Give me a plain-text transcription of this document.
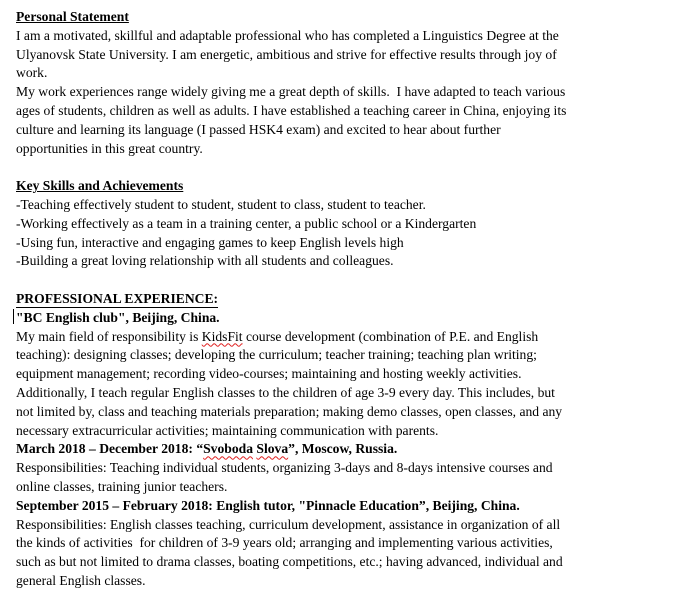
Personal Statement
I am a motivated, skillful and adaptable professional who has completed a Linguistics Degree at the
Ulyanovsk State University. I am energetic, ambitious and strive for effective results through joy of
work.
My work experiences range widely giving me a great depth of skills.  I have adapted to teach various
ages of students, children as well as adults. I have established a teaching career in China, enjoying its
culture and learning its language (I passed HSK4 exam) and excited to hear about further
opportunities in this great country.
Key Skills and Achievements
-Teaching effectively student to student, student to class, student to teacher.
-Working effectively as a team in a training center, a public school or a Kindergarten
-Using fun, interactive and engaging games to keep English levels high
-Building a great loving relationship with all students and colleagues.
PROFESSIONAL EXPERIENCE:
"BC English club", Beijing, China.
My main field of responsibility is KidsFit course development (combination of P.E. and English
teaching): designing classes; developing the curriculum; teacher training; teaching plan writing;
equipment management; recording video-courses; maintaining and hosting weekly activities.
Additionally, I teach regular English classes to the children of age 3-9 every day. This includes, but
not limited by, class and teaching materials preparation; making demo classes, open classes, and any
necessary extracurricular activities; maintaining communication with parents.
March 2018 – December 2018: “Svoboda Slova”, Moscow, Russia.
Responsibilities: Teaching individual students, organizing 3-days and 8-days intensive courses and
online classes, training junior teachers.
September 2015 – February 2018: English tutor, "Pinnacle Education”, Beijing, China.
Responsibilities: English classes teaching, curriculum development, assistance in organization of all
the kinds of activities  for children of 3-9 years old; arranging and implementing various activities,
such as but not limited to drama classes, boating competitions, etc.; having advanced, individual and
general English classes.
